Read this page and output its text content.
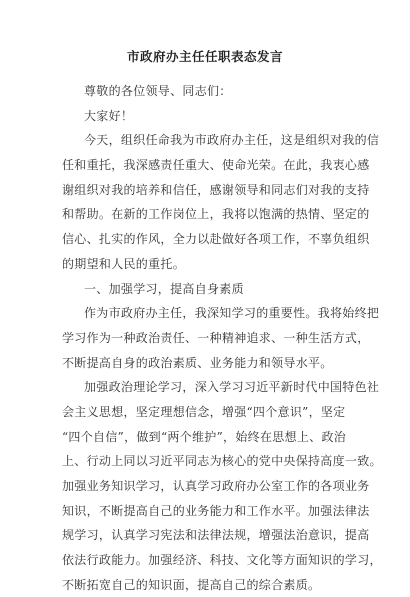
市政府办主任任职表态发言
尊敬的各位领导、同志们：
大家好！
今天，组织任命我为市政府办主任，这是组织对我的信
任和重托，我深感责任重大、使命光荣。在此，我衷心感
谢组织对我的培养和信任，感谢领导和同志们对我的支持
和帮助。在新的工作岗位上，我将以饱满的热情、坚定的
信心、扎实的作风，全力以赴做好各项工作，不辜负组织
的期望和人民的重托。
一、加强学习，提高自身素质
作为市政府办主任，我深知学习的重要性。我将始终把
学习作为一种政治责任、一种精神追求、一种生活方式，
不断提高自身的政治素质、业务能力和领导水平。
加强政治理论学习，深入学习习近平新时代中国特色社
会主义思想，坚定理想信念，增强“四个意识”，坚定
“四个自信”，做到“两个维护”，始终在思想上、政治
上、行动上同以习近平同志为核心的党中央保持高度一致。
加强业务知识学习，认真学习政府办公室工作的各项业务
知识，不断提高自己的业务能力和工作水平。加强法律法
规学习，认真学习宪法和法律法规，增强法治意识，提高
依法行政能力。加强经济、科技、文化等方面知识的学习，
不断拓宽自己的知识面，提高自己的综合素质。
